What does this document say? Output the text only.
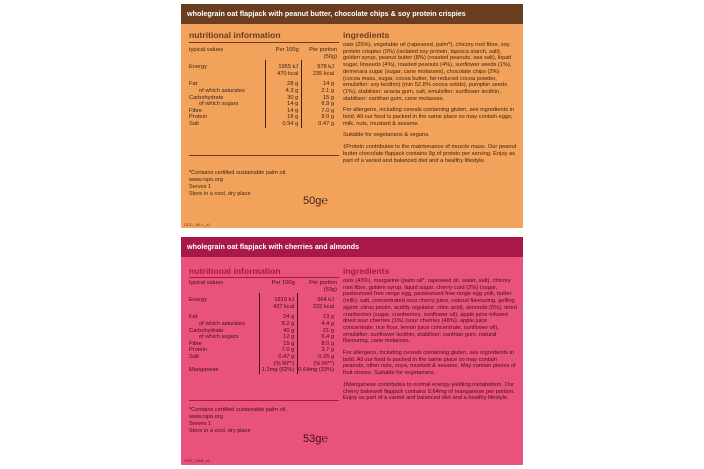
wholegrain oat flapjack with peanut butter, chocolate chips & soy protein crispies
nutritional information
typical values	Per 100g	Per portion (50g)

Energy	1955 kJ	978 kJ
	470 kcal	235 kcal

Fat	28 g	14 g
of which saturates	4.3 g	2.1 g
Carbohydrate	30 g	15 g
of which sugars	14 g	6.9 g
Fibre	14 g	7.0 g
Protein	18 g	9.0 g
Salt	0.94 g	0.47 g
*Contains certified sustainable palm oil.
www.rspo.org
Serves 1
Store in a cool, dry place
50g℮
DCD_16LL_v1
ingredients

oats (25%), vegetable oil (rapeseed, palm*), chicory root fibre, soy protein crispies (9%) (isolated soy protein, tapioca starch, salt), golden syrup, peanut butter (8%) (roasted peanuts, sea salt), liquid sugar, linseeds (4%), roasted peanuts (4%), sunflower seeds (1%), demerara sugar (sugar, cane molasses), chocolate chips (2%) (cocoa mass, sugar, cocoa butter, fat-reduced cocoa powder, emulsifier: soy lecithin) (min 52.8% cocoa solids), pumpkin seeds (1%), stabiliser: acacia gum, salt, emulsifier: sunflower lecithin, stabiliser: xanthan gum, cane molasses.

For allergens, including cereals containing gluten, see ingredients in bold. All our food is packed in the same place so may contain eggs, milk, nuts, mustard & sesame.

Suitable for vegetarians & vegans.

‡Protein contributes to the maintenance of muscle mass. Our peanut butter chocolate flapjack contains 9g of protein per serving. Enjoy as part of a varied and balanced diet and a healthy lifestyle.

wholegrain oat flapjack with cherries and almonds
nutritional information
typical values	Per 100g	Per portion (53g)

Energy	1819 kJ	964 kJ
	437 kcal	232 kcal

Fat	24 g	13 g
of which saturates	8.2 g	4.4 g
Carbohydrate	40 g	21 g
of which sugars	12 g	6.4 g
Fibre	15 g	8.0 g
Protein	7.0 g	3.7 g
Salt	0.47 g	0.25 g
	(% RI**)	(% RI**)
Manganese	1.2mg (62%)	0.64mg (33%)
*Contains certified sustainable palm oil.
www.rspo.org
Serves 1
Store in a cool, dry place
53g℮
CFN_16kB_v1
ingredients

oats (43%), margarine (palm oil*, rapeseed oil, water, salt), chicory root fibre, golden syrup, liquid sugar, cherry curd (2%) (sugar, pasteurised free range egg, pasteurised free range egg yolk, butter (milk), salt, concentrated sour cherry juice, natural flavouring, gelling agent: citrus pectin, acidity regulator: citric acid), almonds (5%), dried cranberries (sugar, cranberries, sunflower oil), apple juice-infused dried sour cherries (1%) (sour cherries (48%), apple juice concentrate, rice flour, lemon juice concentrate, sunflower oil), emulsifier: sunflower lecithin, stabiliser: xanthan gum, natural flavouring, cane molasses.

For allergens, including cereals containing gluten, see ingredients in bold. All our food is packed in the same place so may contain peanuts, other nuts, soya, mustard & sesame. May contain pieces of fruit stones. Suitable for vegetarians.

‡Manganese contributes to normal energy-yielding metabolism. Our cherry bakewell flapjack contains 0.64mg of manganese per portion. Enjoy as part of a varied and balanced diet and a healthy lifestyle.
